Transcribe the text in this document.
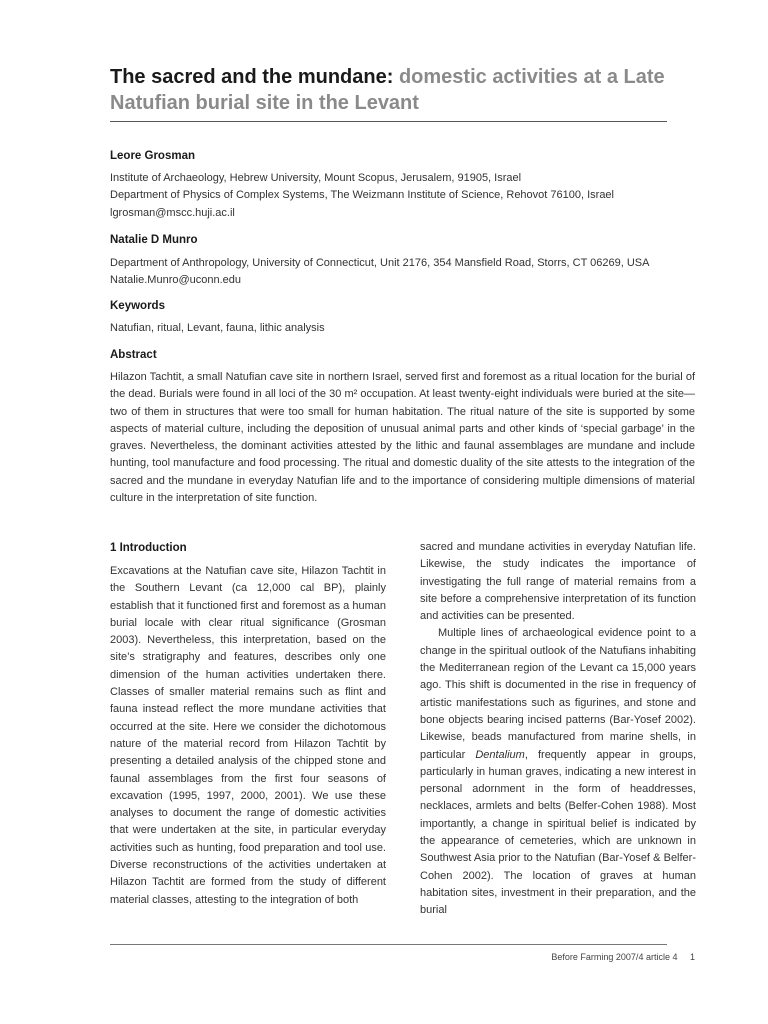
The sacred and the mundane: domestic activities at a Late
Natufian burial site in the Levant
Leore Grosman
Institute of Archaeology, Hebrew University, Mount Scopus, Jerusalem, 91905, Israel
Department of Physics of Complex Systems, The Weizmann Institute of Science, Rehovot 76100, Israel
lgrosman@mscc.huji.ac.il
Natalie D Munro
Department of Anthropology, University of Connecticut, Unit 2176, 354 Mansfield Road, Storrs, CT 06269, USA
Natalie.Munro@uconn.edu
Keywords
Natufian, ritual, Levant, fauna, lithic analysis
Abstract
Hilazon Tachtit, a small Natufian cave site in northern Israel, served first and foremost as a ritual location for the burial of the dead. Burials were found in all loci of the 30 m² occupation. At least twenty-eight individuals were buried at the site—two of them in structures that were too small for human habitation. The ritual nature of the site is supported by some aspects of material culture, including the deposition of unusual animal parts and other kinds of ‘special garbage’ in the graves. Nevertheless, the dominant activities attested by the lithic and faunal assemblages are mundane and include hunting, tool manufacture and food processing. The ritual and domestic duality of the site attests to the integration of the sacred and the mundane in everyday Natufian life and to the importance of considering multiple dimensions of material culture in the interpretation of site function.
1 Introduction

Excavations at the Natufian cave site, Hilazon Tachtit in the Southern Levant (ca 12,000 cal BP), plainly establish that it functioned first and foremost as a human burial locale with clear ritual significance (Grosman 2003). Nevertheless, this interpretation, based on the site’s stratigraphy and features, describes only one dimension of the human activities undertaken there. Classes of smaller material remains such as flint and fauna instead reflect the more mundane activities that occurred at the site. Here we consider the dichotomous nature of the material record from Hilazon Tachtit by presenting a detailed analysis of the chipped stone and faunal assemblages from the first four seasons of excavation (1995, 1997, 2000, 2001). We use these analyses to document the range of domestic activities that were undertaken at the site, in particular everyday activities such as hunting, food preparation and tool use. Diverse reconstructions of the activities undertaken at Hilazon Tachtit are formed from the study of different material classes, attesting to the integration of both

sacred and mundane activities in everyday Natufian life. Likewise, the study indicates the importance of investigating the full range of material remains from a site before a comprehensive interpretation of its function and activities can be presented.

Multiple lines of archaeological evidence point to a change in the spiritual outlook of the Natufians inhabiting the Mediterranean region of the Levant ca 15,000 years ago. This shift is documented in the rise in frequency of artistic manifestations such as figurines, and stone and bone objects bearing incised patterns (Bar-Yosef 2002). Likewise, beads manufactured from marine shells, in particular Dentalium, frequently appear in groups, particularly in human graves, indicating a new interest in personal adornment in the form of headdresses, necklaces, armlets and belts (Belfer-Cohen 1988). Most importantly, a change in spiritual belief is indicated by the appearance of cemeteries, which are unknown in Southwest Asia prior to the Natufian (Bar-Yosef & Belfer-Cohen 2002). The location of graves at human habitation sites, investment in their preparation, and the burial

Before Farming 2007/4 article 4 1
